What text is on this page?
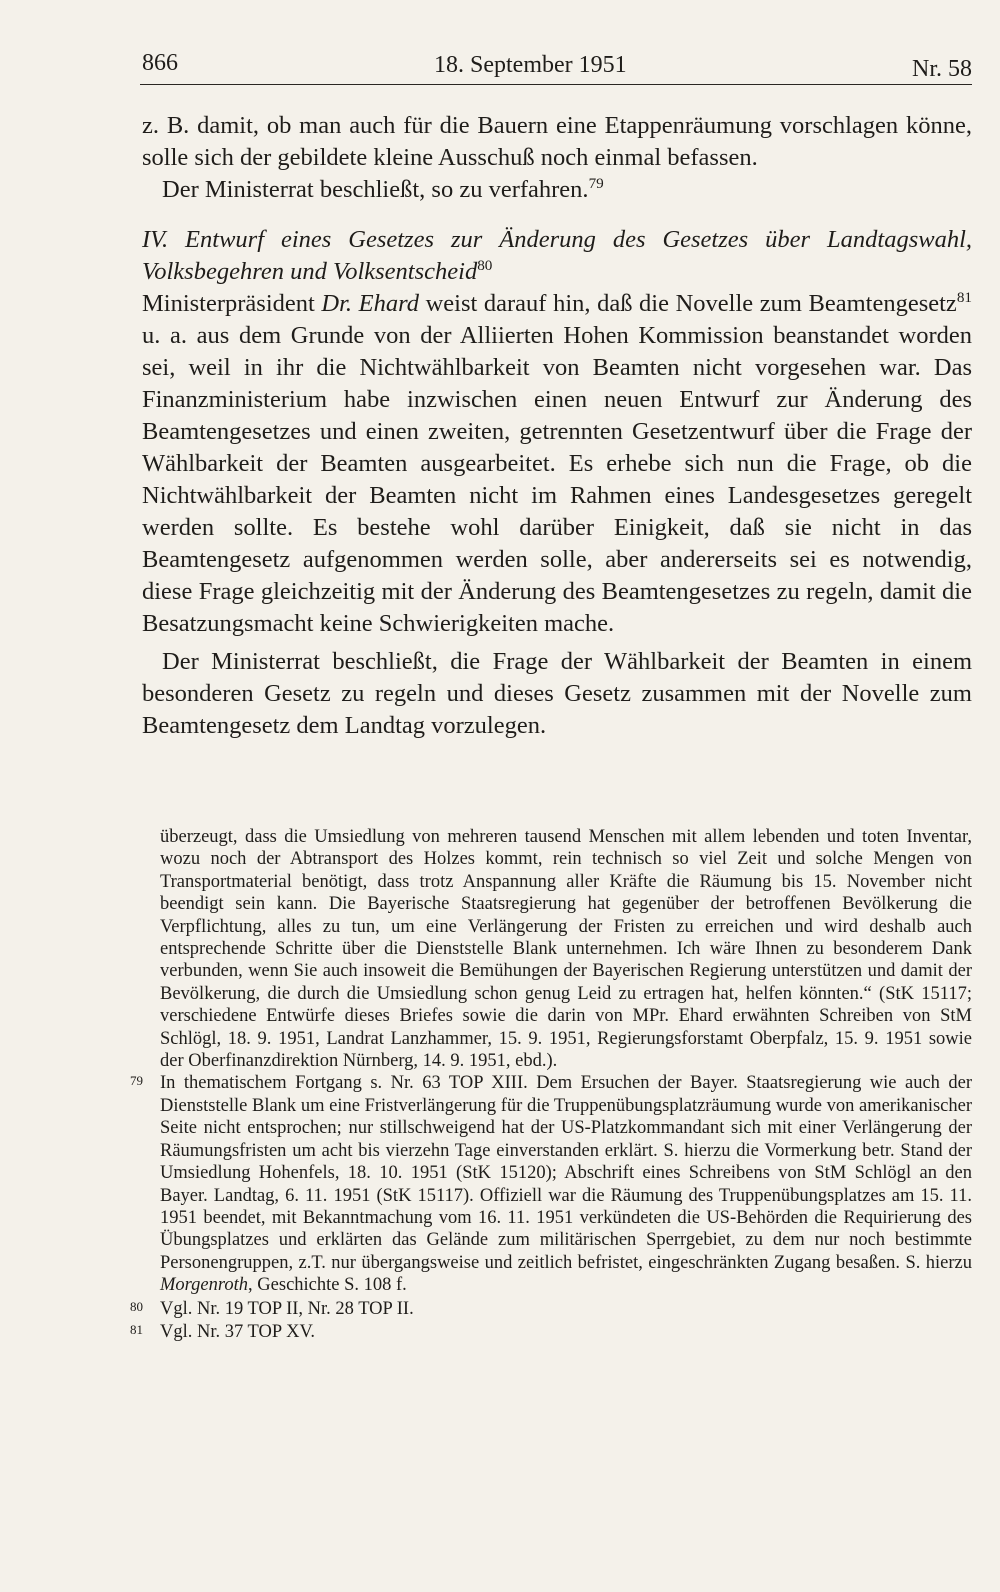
866	18. September 1951	Nr. 58

z. B. damit, ob man auch für die Bauern eine Etappenräumung vorschlagen könne, solle sich der gebildete kleine Ausschuß noch einmal befassen.

Der Ministerrat beschließt, so zu verfahren.$^{79}$

IV. Entwurf eines Gesetzes zur Änderung des Gesetzes über Landtagswahl, Volksbegehren und Volksentscheid$^{80}$

Ministerpräsident Dr. Ehard weist darauf hin, daß die Novelle zum Beamtengesetz$^{81}$ u. a. aus dem Grunde von der Alliierten Hohen Kommission beanstandet worden sei, weil in ihr die Nichtwählbarkeit von Beamten nicht vorgesehen war. Das Finanzministerium habe inzwischen einen neuen Entwurf zur Änderung des Beamtengesetzes und einen zweiten, getrennten Gesetzentwurf über die Frage der Wählbarkeit der Beamten ausgearbeitet. Es erhebe sich nun die Frage, ob die Nichtwählbarkeit der Beamten nicht im Rahmen eines Landesgesetzes geregelt werden sollte. Es bestehe wohl darüber Einigkeit, daß sie nicht in das Beamtengesetz aufgenommen werden solle, aber andererseits sei es notwendig, diese Frage gleichzeitig mit der Änderung des Beamtengesetzes zu regeln, damit die Besatzungsmacht keine Schwierigkeiten mache.

Der Ministerrat beschließt, die Frage der Wählbarkeit der Beamten in einem besonderen Gesetz zu regeln und dieses Gesetz zusammen mit der Novelle zum Beamtengesetz dem Landtag vorzulegen.

überzeugt, dass die Umsiedlung von mehreren tausend Menschen mit allem lebenden und toten Inventar, wozu noch der Abtransport des Holzes kommt, rein technisch so viel Zeit und solche Mengen von Transportmaterial benötigt, dass trotz Anspannung aller Kräfte die Räumung bis 15. November nicht beendigt sein kann. Die Bayerische Staatsregierung hat gegenüber der betroffenen Bevölkerung die Verpflichtung, alles zu tun, um eine Verlängerung der Fristen zu erreichen und wird deshalb auch entsprechende Schritte über die Dienststelle Blank unternehmen. Ich wäre Ihnen zu besonderem Dank verbunden, wenn Sie auch insoweit die Bemühungen der Bayerischen Regierung unterstützen und damit der Bevölkerung, die durch die Umsiedlung schon genug Leid zu ertragen hat, helfen könnten.“ (StK 15117; verschiedene Entwürfe dieses Briefes sowie die darin von MPr. Ehard erwähnten Schreiben von StM Schlögl, 18. 9. 1951, Landrat Lanzhammer, 15. 9. 1951, Regierungsforstamt Oberpfalz, 15. 9. 1951 sowie der Oberfinanzdirektion Nürnberg, 14. 9. 1951, ebd.).

79 In thematischem Fortgang s. Nr. 63 TOP XIII. Dem Ersuchen der Bayer. Staatsregierung wie auch der Dienststelle Blank um eine Fristverlängerung für die Truppenübungsplatzräumung wurde von amerikanischer Seite nicht entsprochen; nur stillschweigend hat der US-Platzkommandant sich mit einer Verlängerung der Räumungsfristen um acht bis vierzehn Tage einverstanden erklärt. S. hierzu die Vormerkung betr. Stand der Umsiedlung Hohenfels, 18. 10. 1951 (StK 15120); Abschrift eines Schreibens von StM Schlögl an den Bayer. Landtag, 6. 11. 1951 (StK 15117). Offiziell war die Räumung des Truppenübungsplatzes am 15. 11. 1951 beendet, mit Bekanntmachung vom 16. 11. 1951 verkündeten die US-Behörden die Requirierung des Übungsplatzes und erklärten das Gelände zum militärischen Sperrgebiet, zu dem nur noch bestimmte Personengruppen, z.T. nur übergangsweise und zeitlich befristet, eingeschränkten Zugang besaßen. S. hierzu Morgenroth, Geschichte S. 108 f.

80 Vgl. Nr. 19 TOP II, Nr. 28 TOP II.

81 Vgl. Nr. 37 TOP XV.
